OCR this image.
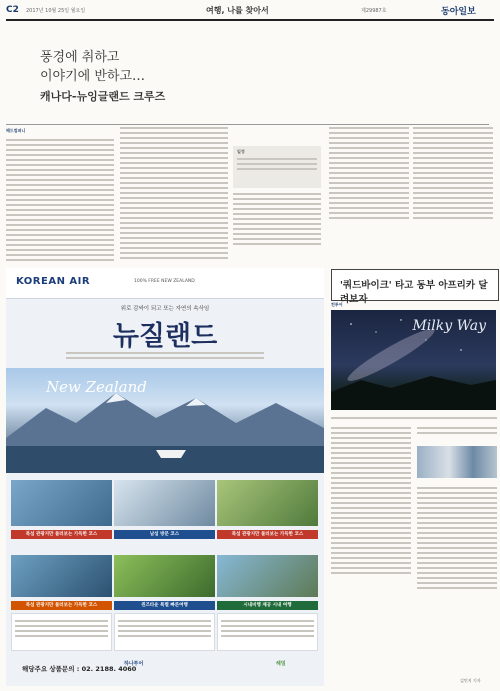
C2 2017년 10월 25일 월요일	여행, 나를 찾아서	제29987호	동아일보
풍경에 취하고
이야기에 반하고…
캐나다-뉴잉글랜드 크루즈
해드컴퍼니
일정
KOREAN AIR	100% FREE NEW ZEALAND
위로 감싸이 되고 또는 자연의 속삭임
뉴질랜드
New Zealand
북섬 관광지만 둘러보는 가득한 코스	남섬 방문 코스	북섬 관광지만 둘러보는 가득한 코스
북섬 관광지만 둘러보는 가득한 코스	퀸즈타운 특별 빠른여행	시내비행 제공 시내 여행
해당주요 상품문의 : 02. 2188. 4060
하나투어	해밀
'쿼드바이크' 타고 동부 아프리카 달려보자
컨투어
Milky Way
김민지 기자
